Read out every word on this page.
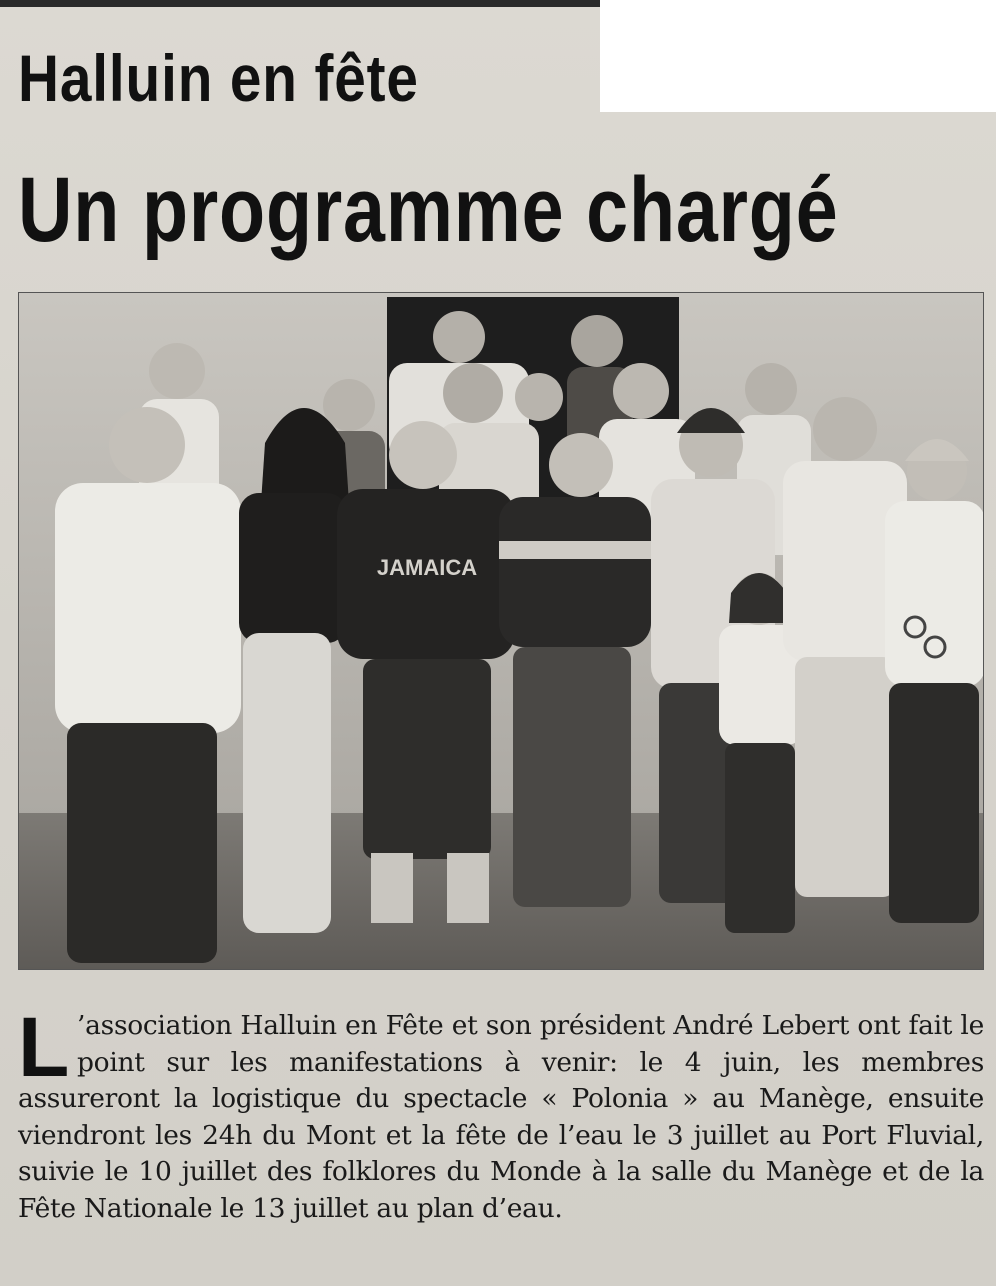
Halluin en fête
Un programme chargé
JAMAICA

L ’association Halluin en Fête et son président André Lebert ont fait le point sur les manifestations à venir: le 4 juin, les membres assureront la logistique du spectacle « Polonia » au Manège, ensuite viendront les 24h du Mont et la fête de l’eau le 3 juillet au Port Fluvial, suivie le 10 juillet des folklores du Monde à la salle du Manège et de la Fête Nationale le 13 juillet au plan d’eau.
